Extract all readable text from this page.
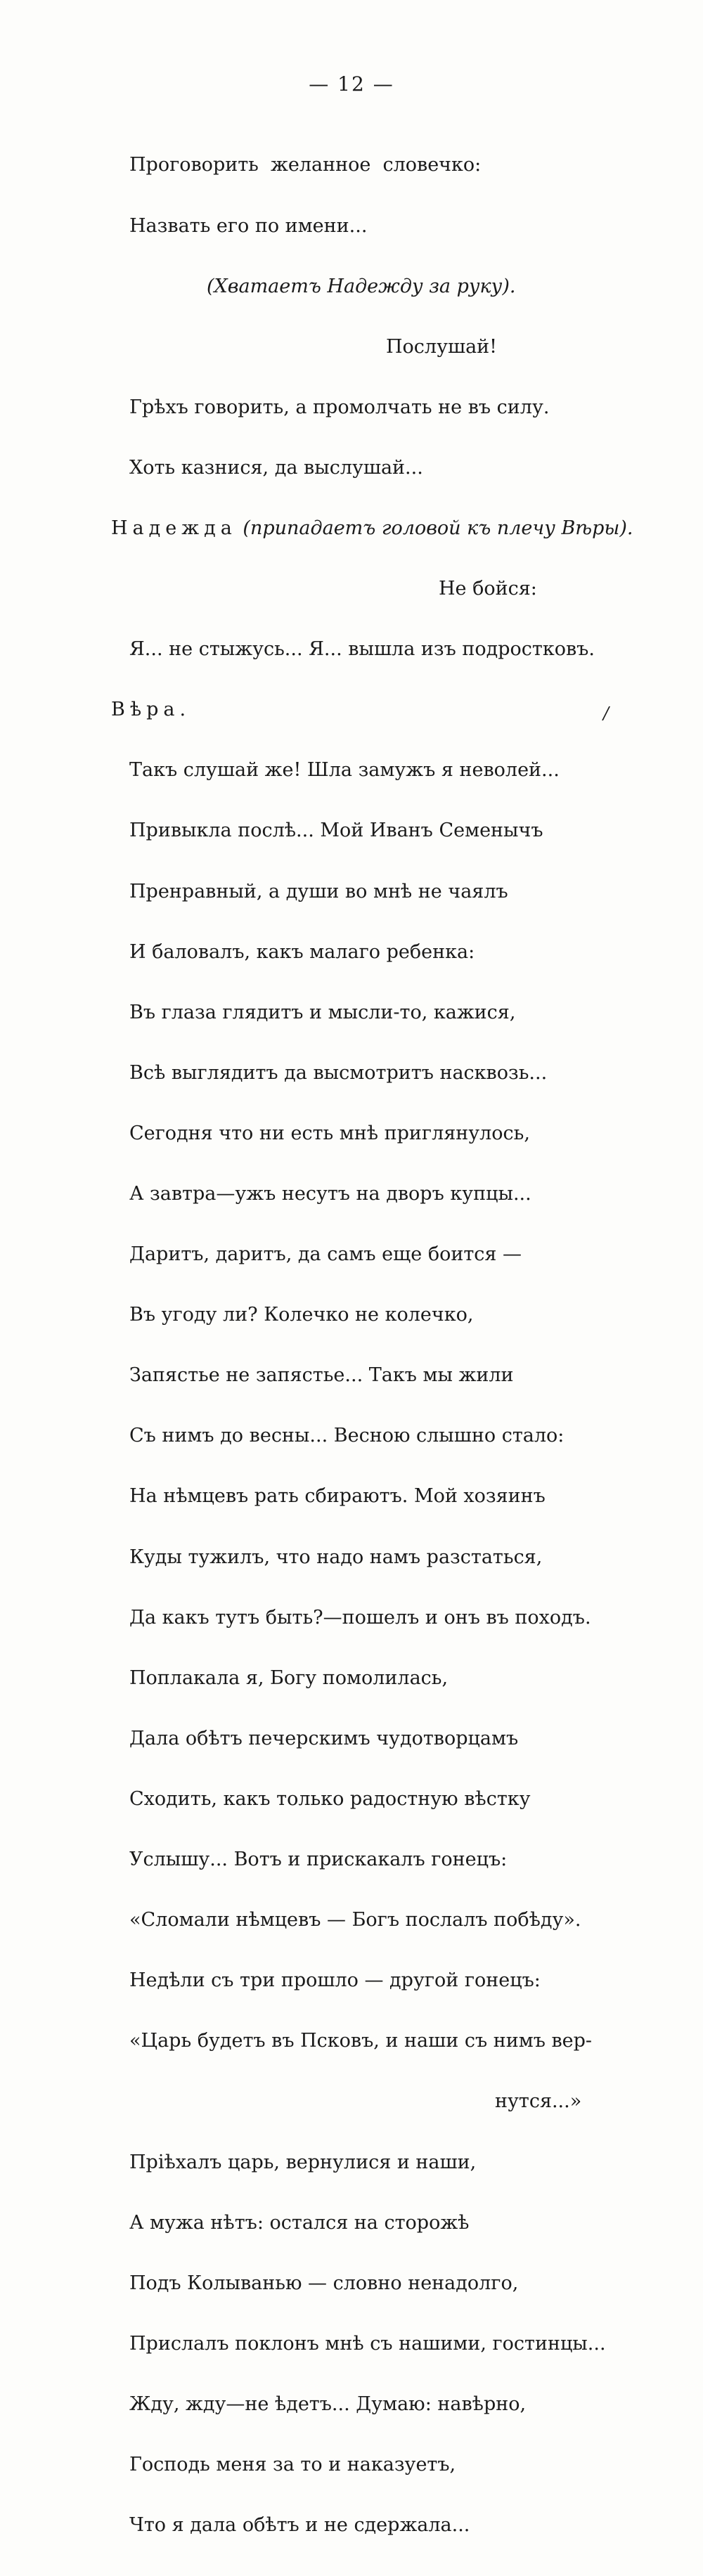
— 12 —

Проговорить  желанное  словечко:

Назвать его по имени...

(Хватаетъ Надежду за руку).

Послушай!

Грѣхъ говорить, а промолчать не въ силу.

Хоть казнися, да выслушай...

Надежда (припадаетъ головой къ плечу Вѣры).

Не бойся:

Я... не стыжусь... Я... вышла изъ подростковъ.

Вѣра.

Такъ слушай же! Шла замужъ я неволей...

Привыкла послѣ... Мой Иванъ Семенычъ

Пренравный, а души во мнѣ не чаялъ

И баловалъ, какъ малаго ребенка:

Въ глаза глядитъ и мысли-то, кажися,

Всѣ выглядитъ да высмотритъ насквозь...

Сегодня что ни есть мнѣ приглянулось,

А завтра—ужъ несутъ на дворъ купцы...

Даритъ, даритъ, да самъ еще боится —

Въ угоду ли? Колечко не колечко,

Запястье не запястье... Такъ мы жили

Съ нимъ до весны... Весною слышно стало:

На нѣмцевъ рать сбираютъ. Мой хозяинъ

Куды тужилъ, что надо намъ разстаться,

Да какъ тутъ быть?—пошелъ и онъ въ походъ.

Поплакала я, Богу помолилась,

Дала обѣтъ печерскимъ чудотворцамъ

Сходить, какъ только радостную вѣстку

Услышу... Вотъ и прискакалъ гонецъ:

«Сломали нѣмцевъ — Богъ послалъ побѣду».

Недѣли съ три прошло — другой гонецъ:

«Царь будетъ въ Псковъ, и наши съ нимъ вер-

нутся...»

Пріѣхалъ царь, вернулися и наши,

А мужа нѣтъ: остался на сторожѣ

Подъ Колыванью — словно ненадолго,

Прислалъ поклонъ мнѣ съ нашими, гостинцы...

Жду, жду—не ѣдетъ... Думаю: навѣрно,

Господь меня за то и наказуетъ,

Что я дала обѣтъ и не сдержала...

/
